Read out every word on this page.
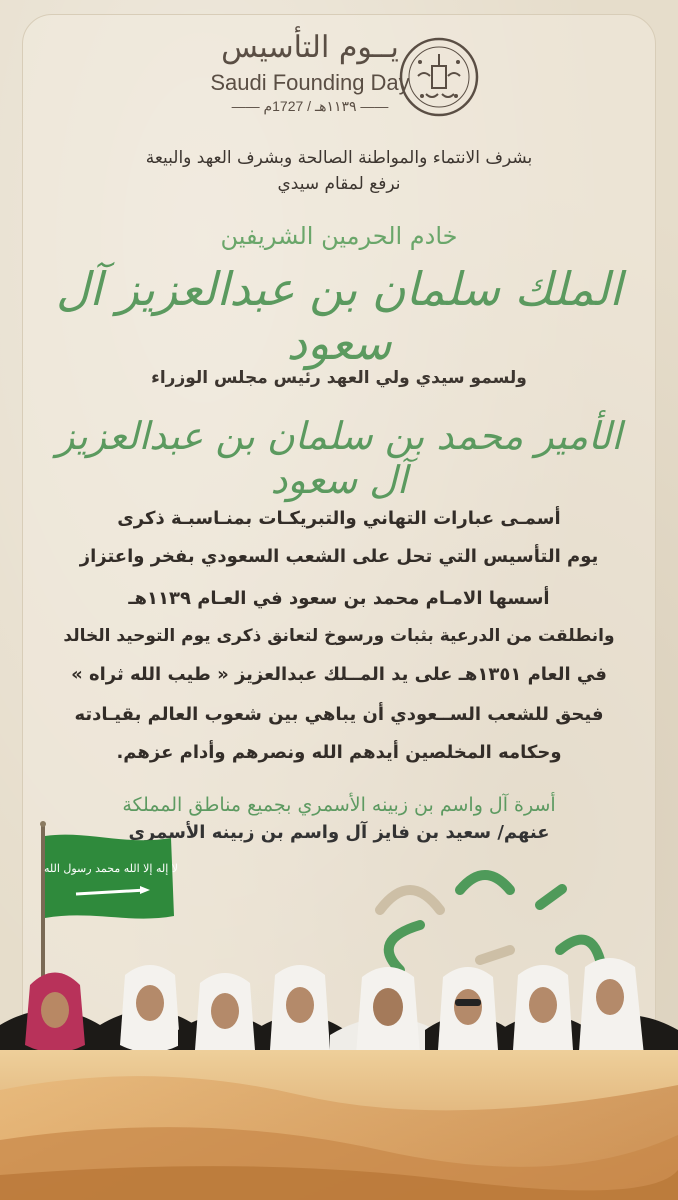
يــوم التأسيس
Saudi Founding Day
—— ١١٣٩هـ / 1727م ——
بشرف الانتماء والمواطنة الصالحة وبشرف العهد والبيعة
نرفع لمقام سيدي
خادم الحرمين الشريفين
الملك سلمان بن عبدالعزيز آل سعود
ولسمو سيدي ولي العهد رئيس مجلس الوزراء
الأمير محمد بن سلمان بن عبدالعزيز آل سعود
أسمـى عبارات التهاني والتبريكـات بمنـاسبـة ذكرى
يوم التأسيس التي تحل على الشعب السعودي بفخر واعتزاز
أسسها الامـام محمد بن سعود في العـام ١١٣٩هـ
وانطلقت من الدرعية بثبات ورسوخ لتعانق ذكرى يوم التوحيد الخالد
في العام ١٣٥١هـ على يد المــلك عبدالعزيز « طيب الله ثراه »
فيحق للشعب الســعودي أن يباهي بين شعوب العالم بقيـادته
وحكامه المخلصين أيدهم الله ونصرهم وأدام عزهم.
أسرة آل واسم بن زبينه الأسمري بجميع مناطق المملكة
عنهم/ سعيد بن فايز آل واسم بن زبينه الأسمري
لا إله إلا الله محمد رسول الله
